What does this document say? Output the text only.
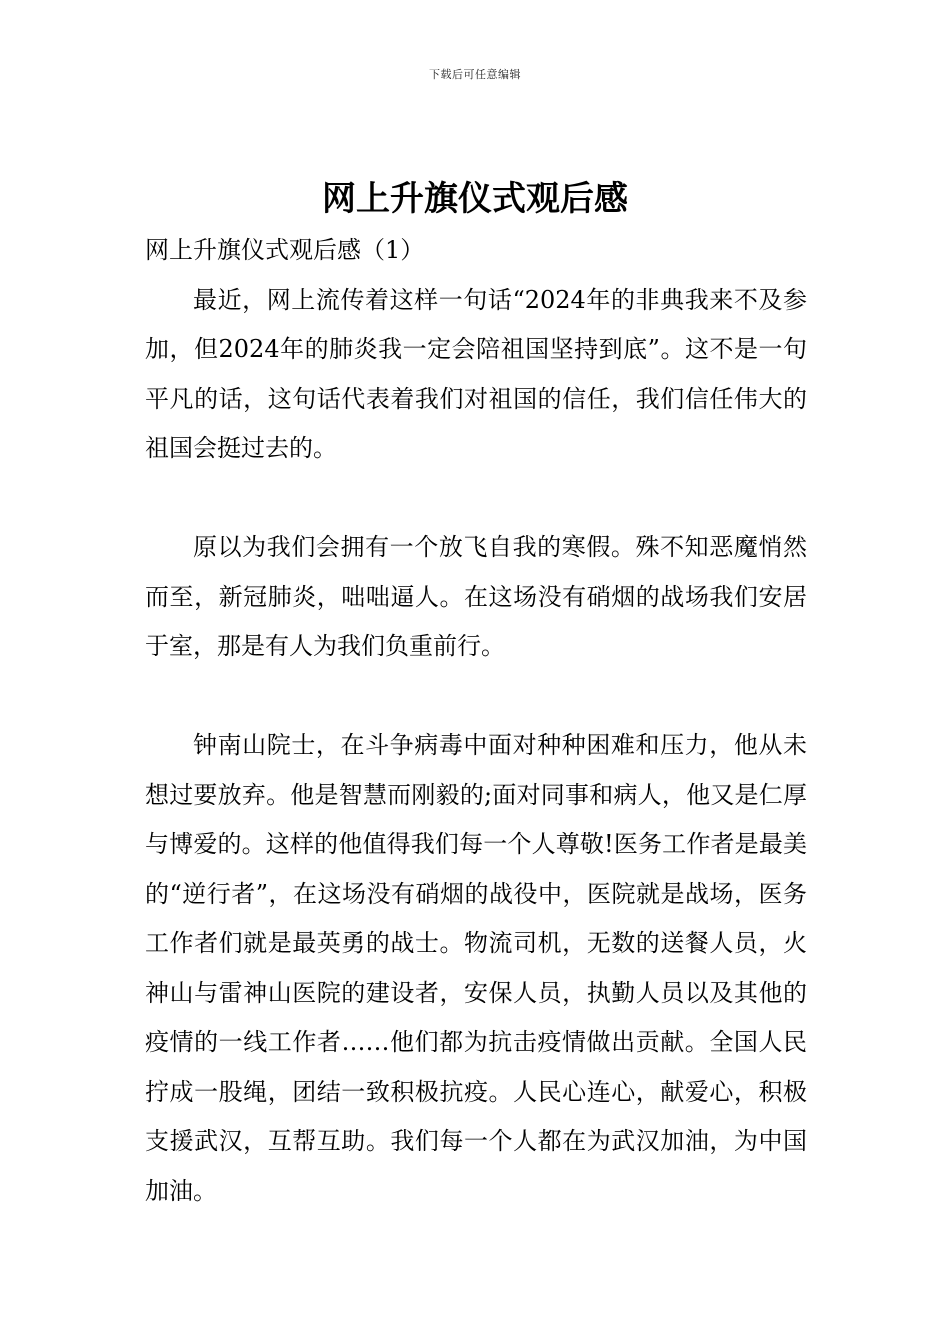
下载后可任意编辑
网上升旗仪式观后感

网上升旗仪式观后感（1）

最近，网上流传着这样一句话“2024年的非典我来不及参加，但2024年的肺炎我一定会陪祖国坚持到底”。这不是一句平凡的话，这句话代表着我们对祖国的信任，我们信任伟大的祖国会挺过去的。

原以为我们会拥有一个放飞自我的寒假。殊不知恶魔悄然而至，新冠肺炎，咄咄逼人。在这场没有硝烟的战场我们安居于室，那是有人为我们负重前行。

钟南山院士，在斗争病毒中面对种种困难和压力，他从未想过要放弃。他是智慧而刚毅的;面对同事和病人，他又是仁厚与博爱的。这样的他值得我们每一个人尊敬!医务工作者是最美的“逆行者”，在这场没有硝烟的战役中，医院就是战场，医务工作者们就是最英勇的战士。物流司机，无数的送餐人员，火神山与雷神山医院的建设者，安保人员，执勤人员以及其他的疫情的一线工作者……他们都为抗击疫情做出贡献。全国人民拧成一股绳，团结一致积极抗疫。人民心连心，献爱心，积极支援武汉，互帮互助。我们每一个人都在为武汉加油，为中国加油。
